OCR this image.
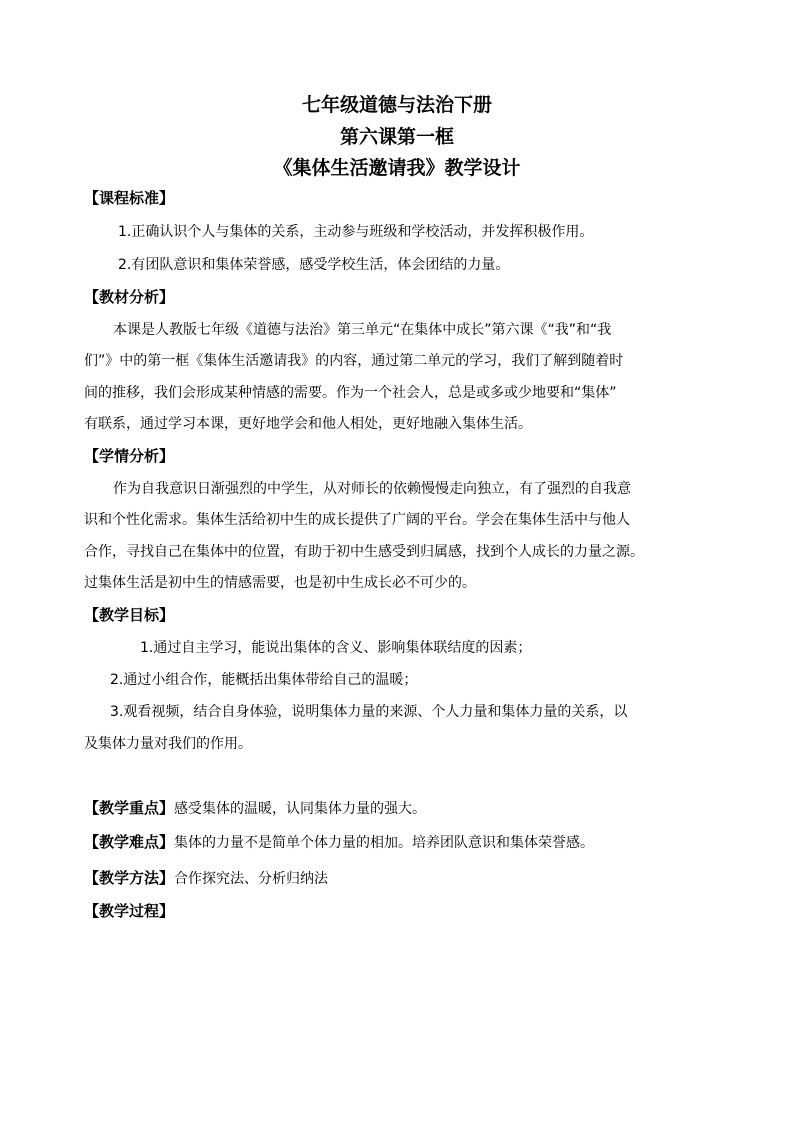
七年级道德与法治下册
第六课第一框
《集体生活邀请我》教学设计
【课程标准】
1.正确认识个人与集体的关系，主动参与班级和学校活动，并发挥积极作用。
2.有团队意识和集体荣誉感，感受学校生活，体会团结的力量。
【教材分析】
本课是人教版七年级《道德与法治》第三单元“在集体中成长”第六课《“我”和“我
们”》中的第一框《集体生活邀请我》的内容，通过第二单元的学习，我们了解到随着时
间的推移，我们会形成某种情感的需要。作为一个社会人，总是或多或少地要和“集体”
有联系，通过学习本课，更好地学会和他人相处，更好地融入集体生活。
【学情分析】
作为自我意识日渐强烈的中学生，从对师长的依赖慢慢走向独立，有了强烈的自我意
识和个性化需求。集体生活给初中生的成长提供了广阔的平台。学会在集体生活中与他人
合作，寻找自己在集体中的位置，有助于初中生感受到归属感，找到个人成长的力量之源。
过集体生活是初中生的情感需要，也是初中生成长必不可少的。
【教学目标】
1.通过自主学习，能说出集体的含义、影响集体联结度的因素；
2.通过小组合作，能概括出集体带给自己的温暖；
3.观看视频，结合自身体验，说明集体力量的来源、个人力量和集体力量的关系，以
及集体力量对我们的作用。
【教学重点】感受集体的温暖，认同集体力量的强大。
【教学难点】集体的力量不是简单个体力量的相加。培养团队意识和集体荣誉感。
【教学方法】合作探究法、分析归纳法
【教学过程】
